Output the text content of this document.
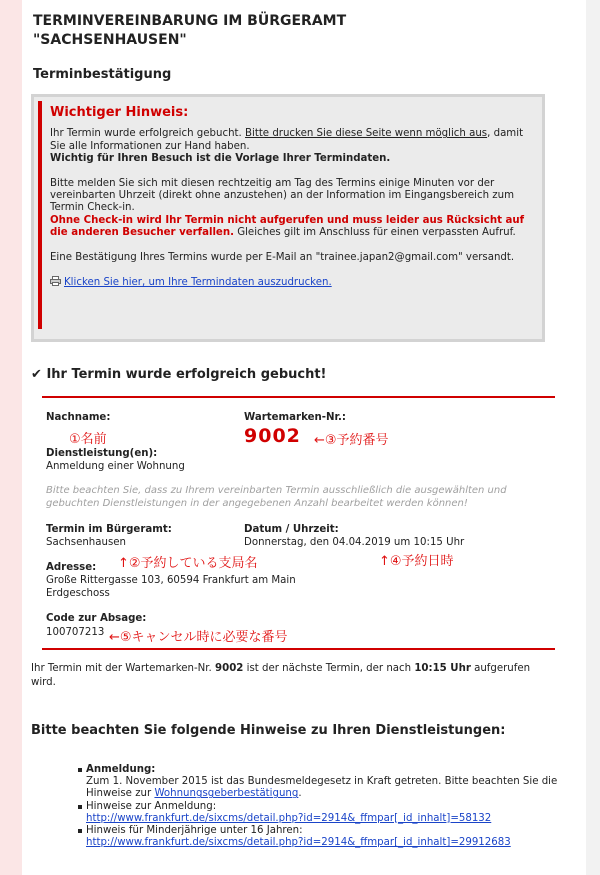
TERMINVEREINBARUNG IM BÜRGERAMT
"SACHSENHAUSEN"
Terminbestätigung
Wichtiger Hinweis:

Ihr Termin wurde erfolgreich gebucht. Bitte drucken Sie diese Seite wenn möglich aus, damit Sie alle Informationen zur Hand haben.
Wichtig für Ihren Besuch ist die Vorlage Ihrer Termindaten.

Bitte melden Sie sich mit diesen rechtzeitig am Tag des Termins einige Minuten vor der vereinbarten Uhrzeit (direkt ohne anzustehen) an der Information im Eingangsbereich zum Termin Check-in.
Ohne Check-in wird Ihr Termin nicht aufgerufen und muss leider aus Rücksicht auf die anderen Besucher verfallen. Gleiches gilt im Anschluss für einen verpassten Aufruf.

Eine Bestätigung Ihres Termins wurde per E-Mail an "trainee.japan2@gmail.com" versandt.

Klicken Sie hier, um Ihre Termindaten auszudrucken.

✔ Ihr Termin wurde erfolgreich gebucht!
Nachname:
①名前
Wartemarken-Nr.:
9002 ←③予約番号
Dienstleistung(en):
Anmeldung einer Wohnung
Bitte beachten Sie, dass zu Ihrem vereinbarten Termin ausschließlich die ausgewählten und gebuchten Dienstleistungen in der angegebenen Anzahl bearbeitet werden können!
Termin im Bürgeramt:
Sachsenhausen
↑②予約している支局名
Datum / Uhrzeit:
Donnerstag, den 04.04.2019 um 10:15 Uhr
↑④予約日時
Adresse:
Große Rittergasse 103, 60594 Frankfurt am Main
Erdgeschoss
Code zur Absage:
100707213 ←⑤キャンセル時に必要な番号
Ihr Termin mit der Wartemarken-Nr. 9002 ist der nächste Termin, der nach 10:15 Uhr aufgerufen wird.
Bitte beachten Sie folgende Hinweise zu Ihren Dienstleistungen:
Anmeldung:
Zum 1. November 2015 ist das Bundesmeldegesetz in Kraft getreten. Bitte beachten Sie die Hinweise zur Wohnungsgeberbestätigung.
Hinweise zur Anmeldung:
http://www.frankfurt.de/sixcms/detail.php?id=2914&_ffmpar[_id_inhalt]=58132
Hinweis für Minderjährige unter 16 Jahren:
http://www.frankfurt.de/sixcms/detail.php?id=2914&_ffmpar[_id_inhalt]=29912683
